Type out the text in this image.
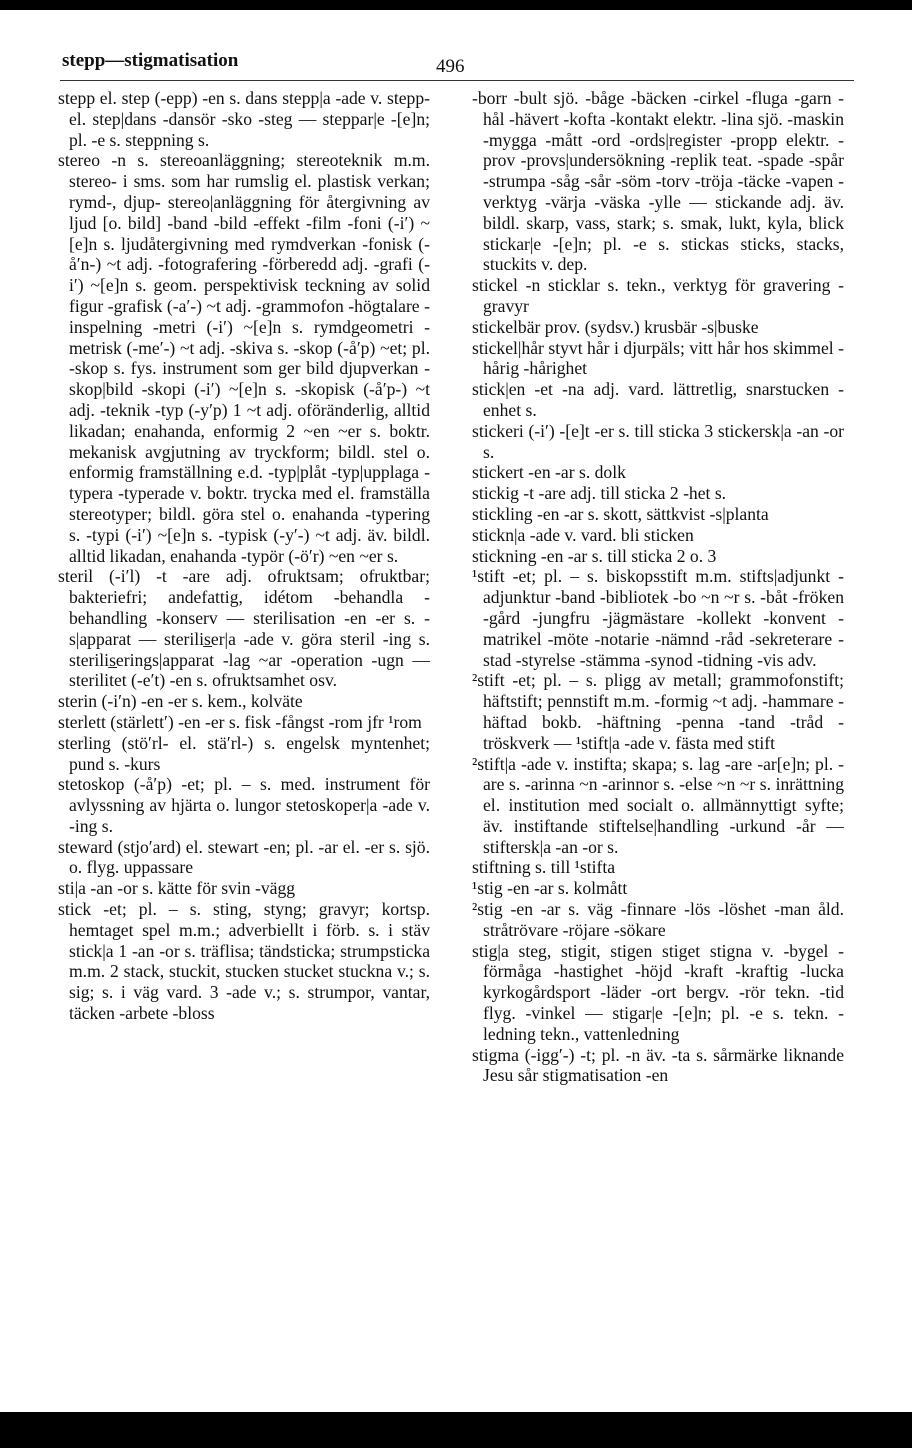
stepp—stigmatisation	496

stepp el. step (-epp) -en s. dans stepp|a -ade v. stepp- el. step|dans -dansör -sko -steg — steppar|e -[e]n; pl. -e s. steppning s.

stereo -n s. stereoanläggning; stereoteknik m.m. stereo- i sms. som har rumslig el. plastisk verkan; rymd-, djup- stereo|anläggning för återgivning av ljud [o. bild] -band -bild -effekt -film -foni (-i′) ~[e]n s. ljudåtergivning med rymdverkan -fonisk (-å′n-) ~t adj. -fotografering -förberedd adj. -grafi (-i′) ~[e]n s. geom. perspektivisk teckning av solid figur -grafisk (-a′-) ~t adj. -grammofon -högtalare -inspelning -metri (-i′) ~[e]n s. rymdgeometri -metrisk (-me′-) ~t adj. -skiva s. -skop (-å′p) ~et; pl. -skop s. fys. instrument som ger bild djupverkan -skop|bild -skopi (-i′) ~[e]n s. -skopisk (-å′p-) ~t adj. -teknik -typ (-y′p) 1 ~t adj. oföränderlig, alltid likadan; enahanda, enformig 2 ~en ~er s. boktr. mekanisk avgjutning av tryckform; bildl. stel o. enformig framställning e.d. -typ|plåt -typ|upplaga -typera -typerade v. boktr. trycka med el. framställa stereotyper; bildl. göra stel o. enahanda -typering s. -typi (-i′) ~[e]n s. -typisk (-y′-) ~t adj. äv. bildl. alltid likadan, enahanda -typör (-ö′r) ~en ~er s.

steril (-i′l) -t -are adj. ofruktsam; ofruktbar; bakteriefri; andefattig, idétom -behandla -behandling -konserv — sterilisation -en -er s. -s|apparat — sterilis̲er|a -ade v. göra steril -ing s. sterilis̲erings|apparat -lag ~ar -operation -ugn — sterilitet (-e′t) -en s. ofruktsamhet osv.

sterin (-i′n) -en -er s. kem., kolväte

sterlett (stärlett′) -en -er s. fisk -fångst -rom jfr ¹rom

sterling (stö′rl- el. stä′rl-) s. engelsk myntenhet; pund s. -kurs

stetoskop (-å′p) -et; pl. – s. med. instrument för avlyssning av hjärta o. lungor stetoskoper|a -ade v. -ing s.

steward (stjo′ard) el. stewart -en; pl. -ar el. -er s. sjö. o. flyg. uppassare

sti|a -an -or s. kätte för svin -vägg

stick -et; pl. – s. sting, styng; gravyr; kortsp. hemtaget spel m.m.; adverbiellt i förb. s. i stäv stick|a 1 -an -or s. träflisa; tändsticka; strumpsticka m.m. 2 stack, stuckit, stucken stucket stuckna v.; s. sig; s. i väg vard. 3 -ade v.; s. strumpor, vantar, täcken -arbete -bloss

-borr -bult sjö. -båge -bäcken -cirkel -fluga -garn -hål -hävert -kofta -kontakt elektr. -lina sjö. -maskin -mygga -mått -ord -ords|register -propp elektr. -prov -provs|undersökning -replik teat. -spade -spår -strumpa -såg -sår -söm -torv -tröja -täcke -vapen -verktyg -värja -väska -ylle — stickande adj. äv. bildl. skarp, vass, stark; s. smak, lukt, kyla, blick stickar|e -[e]n; pl. -e s. stickas sticks, stacks, stuckits v. dep.

stickel -n sticklar s. tekn., verktyg för gravering -gravyr

stickelbär prov. (sydsv.) krusbär -s|buske

stickel|hår styvt hår i djurpäls; vitt hår hos skimmel -hårig -hårighet

stick|en -et -na adj. vard. lättretlig, snarstucken -enhet s.

stickeri (-i′) -[e]t -er s. till sticka 3 stickersk|a -an -or s.

stickert -en -ar s. dolk

stickig -t -are adj. till sticka 2 -het s.

stickling -en -ar s. skott, sättkvist -s|planta

stickn|a -ade v. vard. bli sticken

stickning -en -ar s. till sticka 2 o. 3

¹stift -et; pl. – s. biskopsstift m.m. stifts|adjunkt -adjunktur -band -bibliotek -bo ~n ~r s. -båt -fröken -gård -jungfru -jägmästare -kollekt -konvent -matrikel -möte -notarie -nämnd -råd -sekreterare -stad -styrelse -stämma -synod -tidning -vis adv.

²stift -et; pl. – s. pligg av metall; grammofonstift; häftstift; pennstift m.m. -formig ~t adj. -hammare -häftad bokb. -häftning -penna -tand -tråd -tröskverk — ¹stift|a -ade v. fästa med stift

²stift|a -ade v. instifta; skapa; s. lag -are -ar[e]n; pl. -are s. -arinna ~n -arinnor s. -else ~n ~r s. inrättning el. institution med socialt o. allmännyttigt syfte; äv. instiftande stiftelse|handling -urkund -år — stiftersk|a -an -or s.

stiftning s. till ¹stifta

¹stig -en -ar s. kolmått

²stig -en -ar s. väg -finnare -lös -löshet -man åld. stråtrövare -röjare -sökare

stig|a steg, stigit, stigen stiget stigna v. -bygel -förmåga -hastighet -höjd -kraft -kraftig -lucka kyrkogårdsport -läder -ort bergv. -rör tekn. -tid flyg. -vinkel — stigar|e -[e]n; pl. -e s. tekn. -ledning tekn., vattenledning

stigma (-igg′-) -t; pl. -n äv. -ta s. sårmärke liknande Jesu sår stigmatisation -en
